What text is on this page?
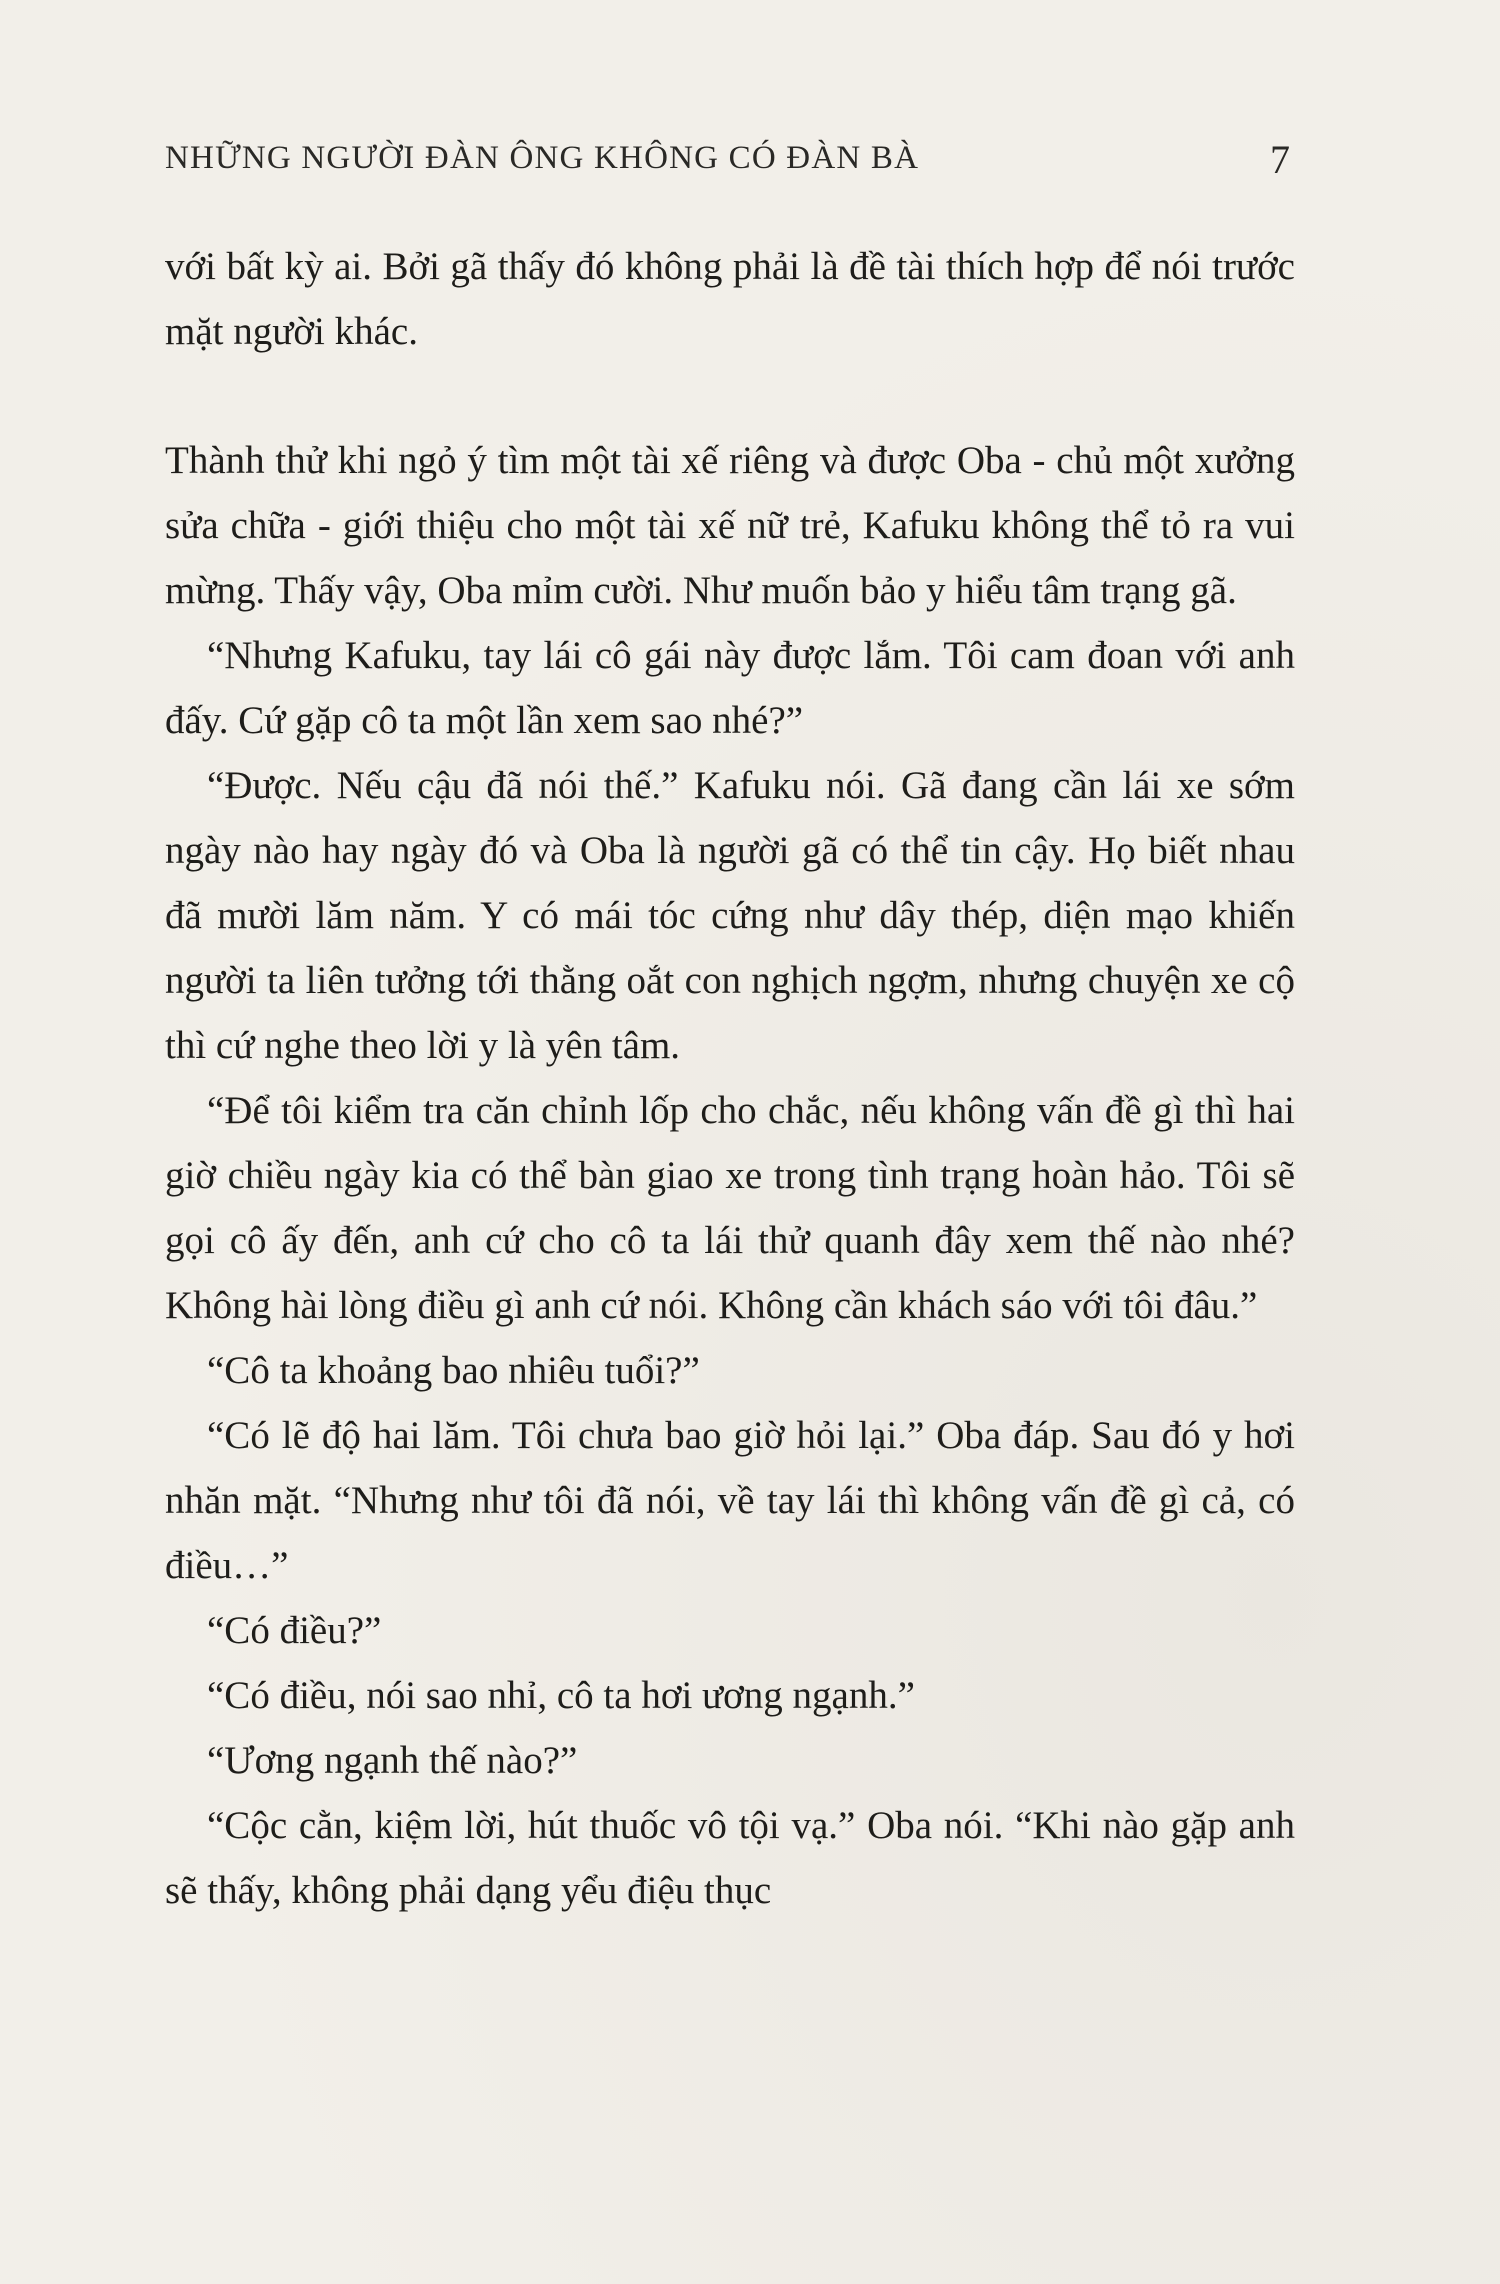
NHỮNG NGƯỜI ĐÀN ÔNG KHÔNG CÓ ĐÀN BÀ	7

với bất kỳ ai. Bởi gã thấy đó không phải là đề tài thích hợp để nói trước mặt người khác.

Thành thử khi ngỏ ý tìm một tài xế riêng và được Oba - chủ một xưởng sửa chữa - giới thiệu cho một tài xế nữ trẻ, Kafuku không thể tỏ ra vui mừng. Thấy vậy, Oba mỉm cười. Như muốn bảo y hiểu tâm trạng gã.

“Nhưng Kafuku, tay lái cô gái này được lắm. Tôi cam đoan với anh đấy. Cứ gặp cô ta một lần xem sao nhé?”

“Được. Nếu cậu đã nói thế.” Kafuku nói. Gã đang cần lái xe sớm ngày nào hay ngày đó và Oba là người gã có thể tin cậy. Họ biết nhau đã mười lăm năm. Y có mái tóc cứng như dây thép, diện mạo khiến người ta liên tưởng tới thằng oắt con nghịch ngợm, nhưng chuyện xe cộ thì cứ nghe theo lời y là yên tâm.

“Để tôi kiểm tra căn chỉnh lốp cho chắc, nếu không vấn đề gì thì hai giờ chiều ngày kia có thể bàn giao xe trong tình trạng hoàn hảo. Tôi sẽ gọi cô ấy đến, anh cứ cho cô ta lái thử quanh đây xem thế nào nhé? Không hài lòng điều gì anh cứ nói. Không cần khách sáo với tôi đâu.”

“Cô ta khoảng bao nhiêu tuổi?”

“Có lẽ độ hai lăm. Tôi chưa bao giờ hỏi lại.” Oba đáp. Sau đó y hơi nhăn mặt. “Nhưng như tôi đã nói, về tay lái thì không vấn đề gì cả, có điều…”

“Có điều?”

“Có điều, nói sao nhỉ, cô ta hơi ương ngạnh.”

“Ương ngạnh thế nào?”

“Cộc cằn, kiệm lời, hút thuốc vô tội vạ.” Oba nói. “Khi nào gặp anh sẽ thấy, không phải dạng yểu điệu thục
